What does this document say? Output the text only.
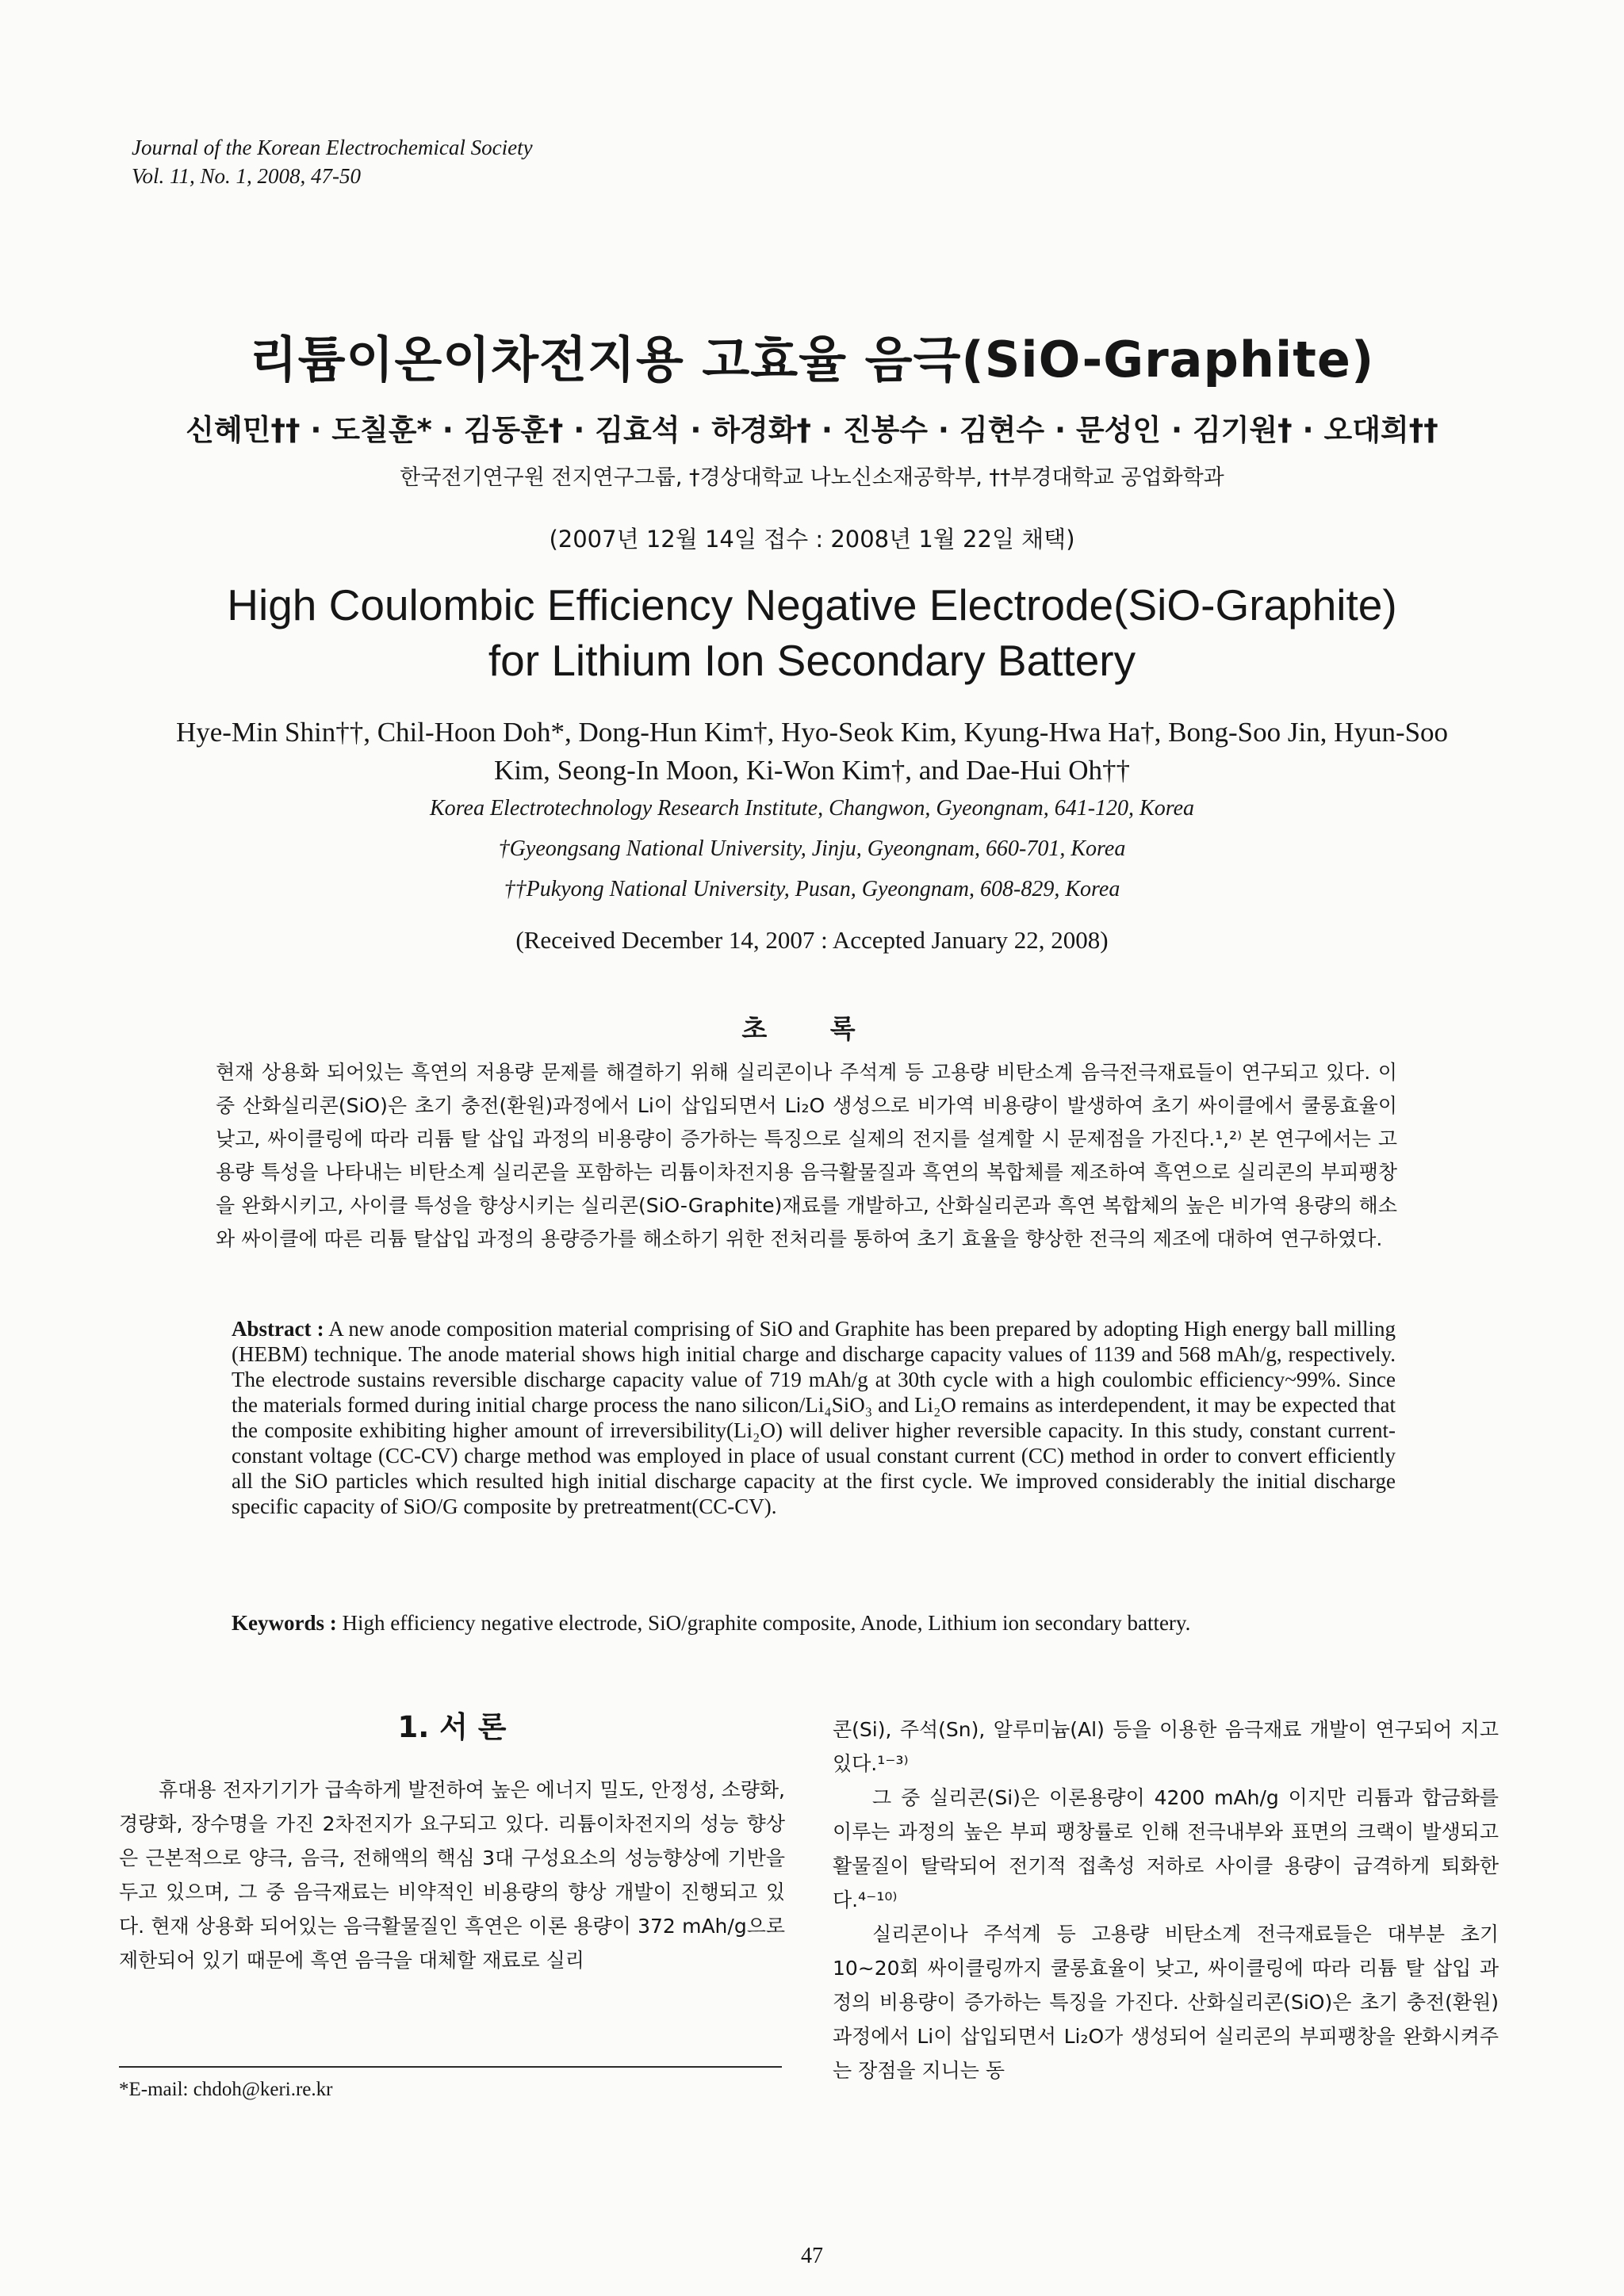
Journal of the Korean Electrochemical Society
Vol. 11, No. 1, 2008, 47-50
리튬이온이차전지용 고효율 음극(SiO-Graphite)
신혜민†† · 도칠훈* · 김동훈† · 김효석 · 하경화† · 진봉수 · 김현수 · 문성인 · 김기원† · 오대희††
한국전기연구원 전지연구그룹, †경상대학교 나노신소재공학부, ††부경대학교 공업화학과
(2007년 12월 14일 접수 : 2008년 1월 22일 채택)
High Coulombic Efficiency Negative Electrode(SiO-Graphite) for Lithium Ion Secondary Battery
Hye-Min Shin††, Chil-Hoon Doh*, Dong-Hun Kim†, Hyo-Seok Kim, Kyung-Hwa Ha†, Bong-Soo Jin, Hyun-Soo Kim, Seong-In Moon, Ki-Won Kim†, and Dae-Hui Oh††
Korea Electrotechnology Research Institute, Changwon, Gyeongnam, 641-120, Korea
†Gyeongsang National University, Jinju, Gyeongnam, 660-701, Korea
††Pukyong National University, Pusan, Gyeongnam, 608-829, Korea
(Received December 14, 2007 : Accepted January 22, 2008)
초 록
현재 상용화 되어있는 흑연의 저용량 문제를 해결하기 위해 실리콘이나 주석계 등 고용량 비탄소계 음극전극재료들이 연구되고 있다. 이 중 산화실리콘(SiO)은 초기 충전(환원)과정에서 Li이 삽입되면서 Li₂O 생성으로 비가역 비용량이 발생하여 초기 싸이클에서 쿨롱효율이 낮고, 싸이클링에 따라 리튬 탈 삽입 과정의 비용량이 증가하는 특징으로 실제의 전지를 설계할 시 문제점을 가진다.¹,²⁾ 본 연구에서는 고용량 특성을 나타내는 비탄소계 실리콘을 포함하는 리튬이차전지용 음극활물질과 흑연의 복합체를 제조하여 흑연으로 실리콘의 부피팽창을 완화시키고, 사이클 특성을 향상시키는 실리콘(SiO-Graphite)재료를 개발하고, 산화실리콘과 흑연 복합체의 높은 비가역 용량의 해소와 싸이클에 따른 리튬 탈삽입 과정의 용량증가를 해소하기 위한 전처리를 통하여 초기 효율을 향상한 전극의 제조에 대하여 연구하였다.
Abstract : A new anode composition material comprising of SiO and Graphite has been prepared by adopting High energy ball milling (HEBM) technique. The anode material shows high initial charge and discharge capacity values of 1139 and 568 mAh/g, respectively. The electrode sustains reversible discharge capacity value of 719 mAh/g at 30th cycle with a high coulombic efficiency~99%. Since the materials formed during initial charge process the nano silicon/Li₄SiO₃ and Li₂O remains as interdependent, it may be expected that the composite exhibiting higher amount of irreversibility(Li₂O) will deliver higher reversible capacity. In this study, constant current-constant voltage (CC-CV) charge method was employed in place of usual constant current (CC) method in order to convert efficiently all the SiO particles which resulted high initial discharge capacity at the first cycle. We improved considerably the initial discharge specific capacity of SiO/G composite by pretreatment(CC-CV).
Keywords : High efficiency negative electrode, SiO/graphite composite, Anode, Lithium ion secondary battery.
1. 서 론

휴대용 전자기기가 급속하게 발전하여 높은 에너지 밀도, 안정성, 소량화, 경량화, 장수명을 가진 2차전지가 요구되고 있다. 리튬이차전지의 성능 향상은 근본적으로 양극, 음극, 전해액의 핵심 3대 구성요소의 성능향상에 기반을 두고 있으며, 그 중 음극재료는 비약적인 비용량의 향상 개발이 진행되고 있다. 현재 상용화 되어있는 음극활물질인 흑연은 이론 용량이 372 mAh/g으로 제한되어 있기 때문에 흑연 음극을 대체할 재료로 실리

콘(Si), 주석(Sn), 알루미늄(Al) 등을 이용한 음극재료 개발이 연구되어 지고 있다.¹⁻³⁾

그 중 실리콘(Si)은 이론용량이 4200 mAh/g 이지만 리튬과 합금화를 이루는 과정의 높은 부피 팽창률로 인해 전극내부와 표면의 크랙이 발생되고 활물질이 탈락되어 전기적 접촉성 저하로 사이클 용량이 급격하게 퇴화한다.⁴⁻¹⁰⁾

실리콘이나 주석계 등 고용량 비탄소계 전극재료들은 대부분 초기 10~20회 싸이클링까지 쿨롱효율이 낮고, 싸이클링에 따라 리튬 탈 삽입 과정의 비용량이 증가하는 특징을 가진다. 산화실리콘(SiO)은 초기 충전(환원)과정에서 Li이 삽입되면서 Li₂O가 생성되어 실리콘의 부피팽창을 완화시켜주는 장점을 지니는 동

*E-mail: chdoh@keri.re.kr
47
